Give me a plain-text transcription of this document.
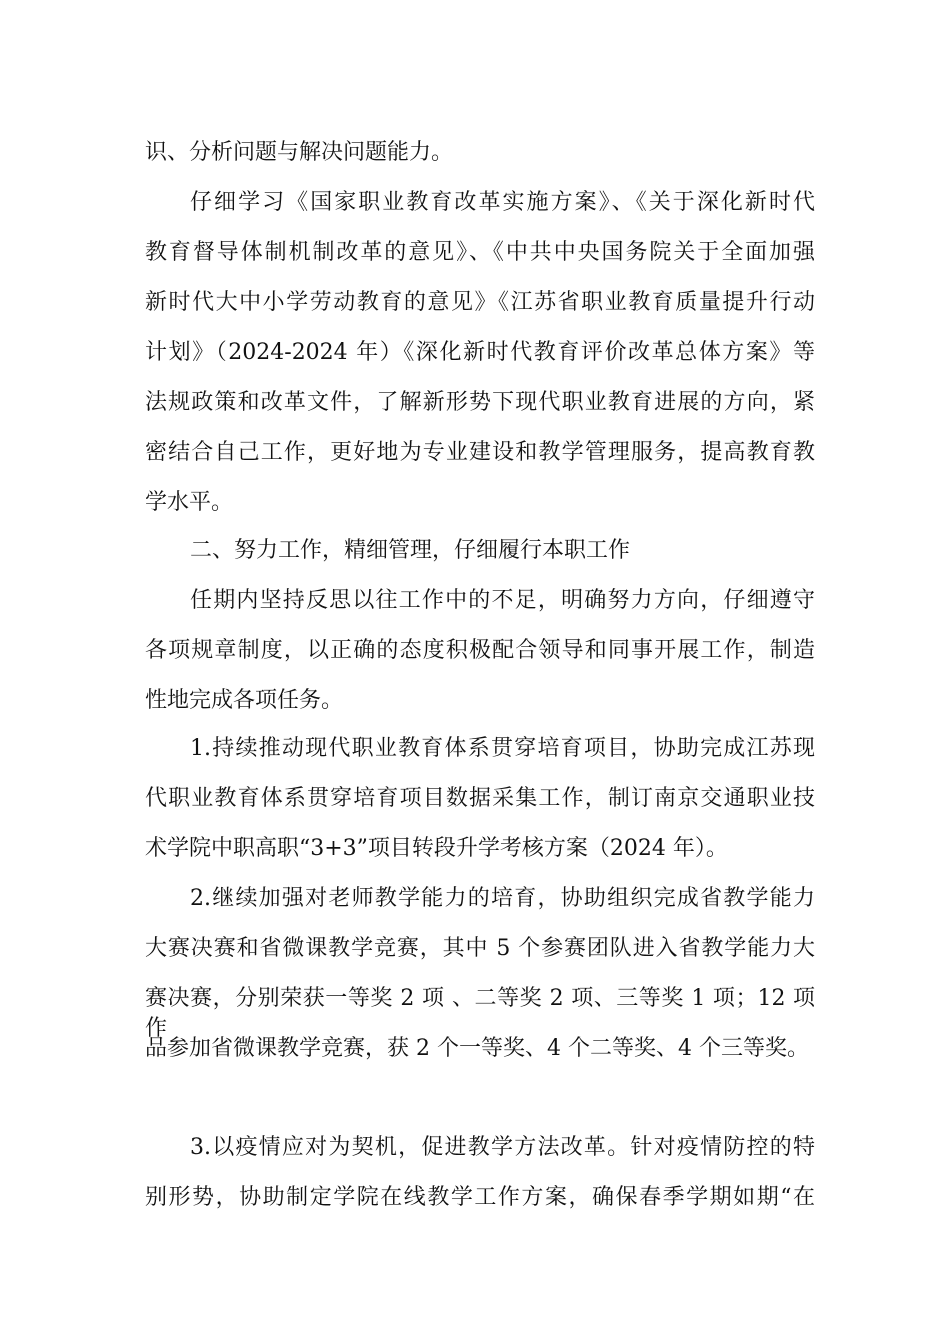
识、分析问题与解决问题能力。
仔细学习《国家职业教育改革实施方案》、《关于深化新时代
教育督导体制机制改革的意见》、《中共中央国务院关于全面加强
新时代大中小学劳动教育的意见》《江苏省职业教育质量提升行动
计划》（2024-2024 年）《深化新时代教育评价改革总体方案》等
法规政策和改革文件，了解新形势下现代职业教育进展的方向，紧
密结合自己工作，更好地为专业建设和教学管理服务，提高教育教
学水平。
二、努力工作，精细管理，仔细履行本职工作
任期内坚持反思以往工作中的不足，明确努力方向，仔细遵守
各项规章制度，以正确的态度积极配合领导和同事开展工作，制造
性地完成各项任务。
1.持续推动现代职业教育体系贯穿培育项目，协助完成江苏现
代职业教育体系贯穿培育项目数据采集工作，制订南京交通职业技
术学院中职高职“3+3”项目转段升学考核方案（2024 年）。
2.继续加强对老师教学能力的培育，协助组织完成省教学能力
大赛决赛和省微课教学竞赛，其中 5 个参赛团队进入省教学能力大
赛决赛，分别荣获一等奖 2 项 、二等奖 2 项、三等奖 1 项；12 项作
品参加省微课教学竞赛，获 2 个一等奖、4 个二等奖、4 个三等奖。
3.以疫情应对为契机，促进教学方法改革。针对疫情防控的特
别形势，协助制定学院在线教学工作方案，确保春季学期如期“在
